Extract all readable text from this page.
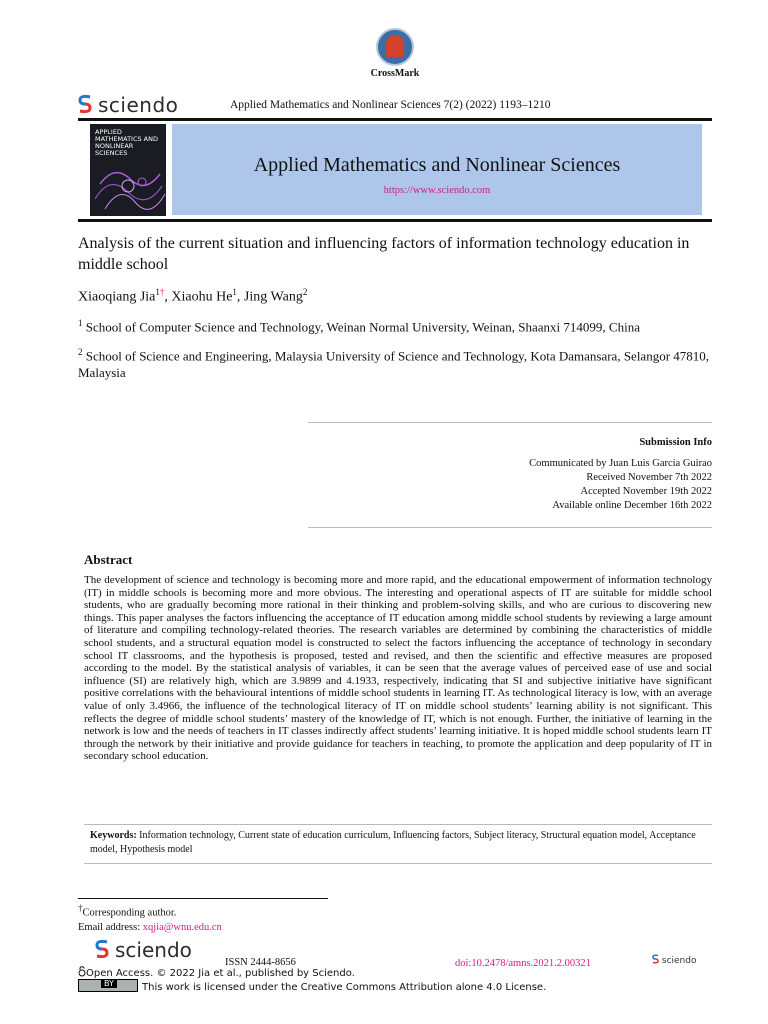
CrossMark
sciendo	Applied Mathematics and Nonlinear Sciences 7(2) (2022) 1193–1210
APPLIED MATHEMATICS AND NONLINEAR SCIENCES
Applied Mathematics and Nonlinear Sciences
https://www.sciendo.com
Analysis of the current situation and influencing factors of information technology education in middle school
Xiaoqiang Jia$^{1\dagger}$, Xiaohu He$^1$, Jing Wang$^2$
$^1$ School of Computer Science and Technology, Weinan Normal University, Weinan, Shaanxi 714099, China
$^2$ School of Science and Engineering, Malaysia University of Science and Technology, Kota Damansara, Selangor 47810, Malaysia
Submission Info
Communicated by Juan Luis García Guirao
Received November 7th 2022
Accepted November 19th 2022
Available online December 16th 2022
Abstract
The development of science and technology is becoming more and more rapid, and the educational empowerment of information technology (IT) in middle schools is becoming more and more obvious. The interesting and operational aspects of IT are suitable for middle school students, who are gradually becoming more rational in their thinking and problem-solving skills, and who are curious to discovering new things. This paper analyses the factors influencing the acceptance of IT education among middle school students by reviewing a large amount of literature and compiling technology-related theories. The research variables are determined by combining the characteristics of middle school students, and a structural equation model is constructed to select the factors influencing the acceptance of technology in secondary school IT classrooms, and the hypothesis is proposed, tested and revised, and then the scientific and effective measures are proposed according to the model. By the statistical analysis of variables, it can be seen that the average values of perceived ease of use and social influence (SI) are relatively high, which are 3.9899 and 4.1933, respectively, indicating that SI and subjective initiative have significant positive correlations with the behavioural intentions of middle school students in learning IT. As technological literacy is low, with an average value of only 3.4966, the influence of the technological literacy of IT on middle school students’ learning ability is not significant. This reflects the degree of middle school students’ mastery of the knowledge of IT, which is not enough. Further, the initiative of learning in the network is low and the needs of teachers in IT classes indirectly affect students’ learning initiative. It is hoped middle school students learn IT through the network by their initiative and provide guidance for teachers in teaching, to promote the application and deep popularity of IT in secondary school education.
Keywords: Information technology, Current state of education curriculum, Influencing factors, Subject literacy, Structural equation model, Acceptance model, Hypothesis model
†Corresponding author.
Email address: xqjia@wnu.edu.cn
sciendo
ISSN 2444-8656	doi:10.2478/amns.2021.2.00321	sciendo
Open Access. © 2022 Jia et al., published by Sciendo.
BY	This work is licensed under the Creative Commons Attribution alone 4.0 License.
